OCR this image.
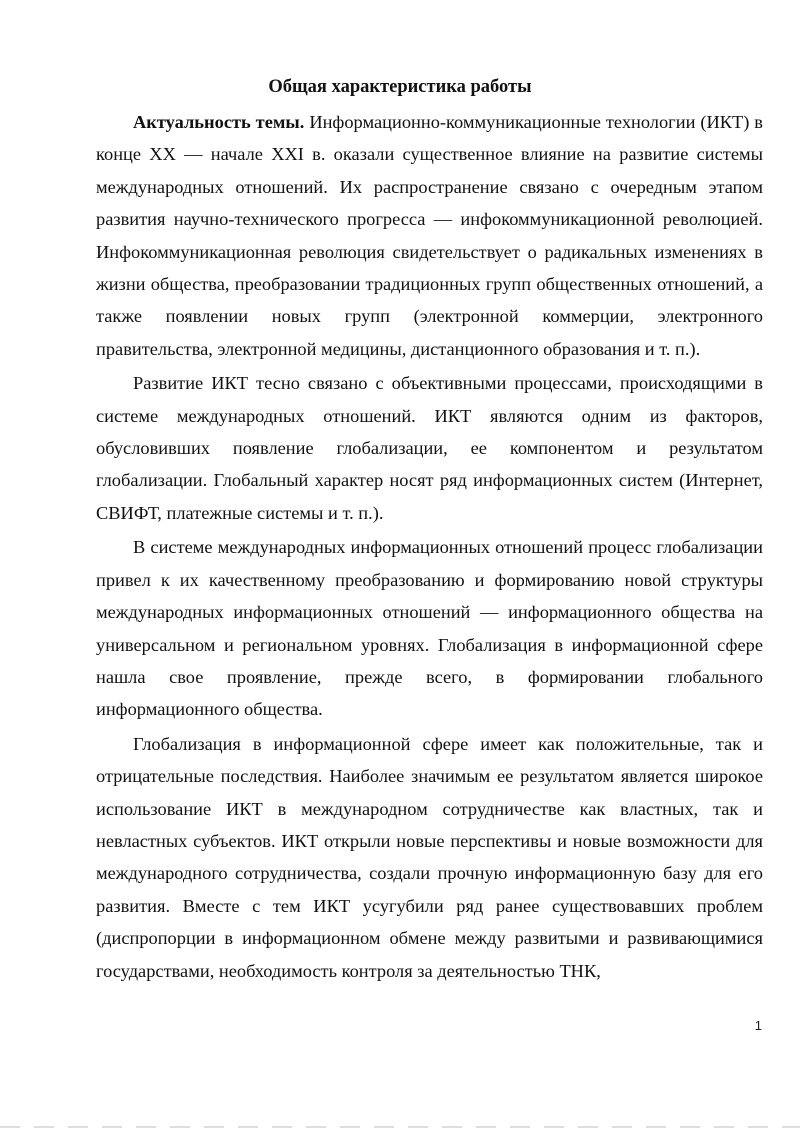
Общая характеристика работы

Актуальность темы. Информационно-коммуникационные технологии (ИКТ) в конце XX — начале XXI в. оказали существенное влияние на развитие системы международных отношений. Их распространение связано с очередным этапом развития научно-технического прогресса — инфокоммуникационной революцией. Инфокоммуникационная революция свидетельствует о радикальных изменениях в жизни общества, преобразовании традиционных групп общественных отношений, а также появлении новых групп (электронной коммерции, электронного правительства, электронной медицины, дистанционного образования и т. п.).

Развитие ИКТ тесно связано с объективными процессами, происходящими в системе международных отношений. ИКТ являются одним из факторов, обусловивших появление глобализации, ее компонентом и результатом глобализации. Глобальный характер носят ряд информационных систем (Интернет, СВИФТ, платежные системы и т. п.).

В системе международных информационных отношений процесс глобализации привел к их качественному преобразованию и формированию новой структуры международных информационных отношений — информационного общества на универсальном и региональном уровнях. Глобализация в информационной сфере нашла свое проявление, прежде всего, в формировании глобального информационного общества.

Глобализация в информационной сфере имеет как положительные, так и отрицательные последствия. Наиболее значимым ее результатом является широкое использование ИКТ в международном сотрудничестве как властных, так и невластных субъектов. ИКТ открыли новые перспективы и новые возможности для международного сотрудничества, создали прочную информационную базу для его развития. Вместе с тем ИКТ усугубили ряд ранее существовавших проблем (диспропорции в информационном обмене между развитыми и развивающимися государствами, необходимость контроля за деятельностью ТНК,

1
